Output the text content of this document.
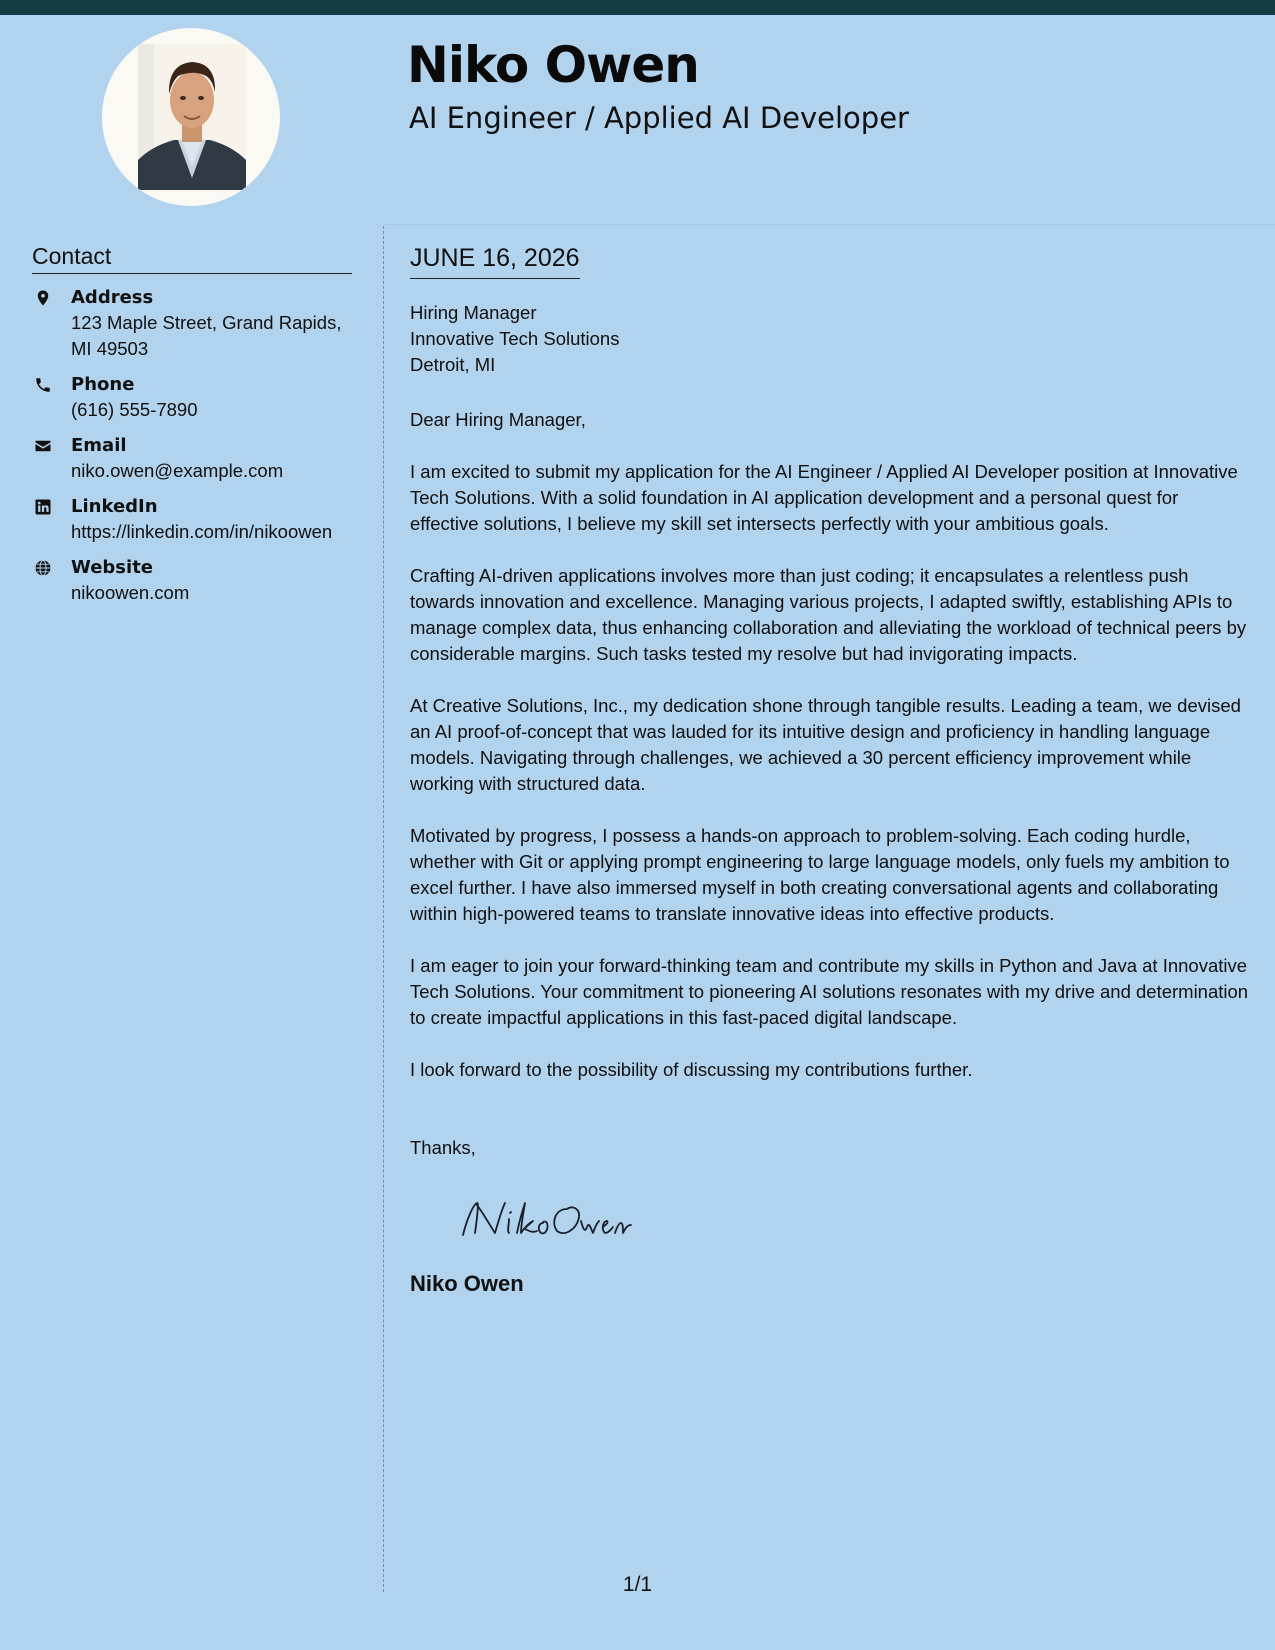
Niko Owen
AI Engineer / Applied AI Developer
Contact
Address
123 Maple Street, Grand Rapids, MI 49503
Phone
(616) 555-7890
Email
niko.owen@example.com
LinkedIn
https://linkedin.com/in/nikoowen
Website
nikoowen.com
JUNE 16, 2026
Hiring Manager
Innovative Tech Solutions
Detroit, MI
Dear Hiring Manager,

I am excited to submit my application for the AI Engineer / Applied AI Developer position at Innovative Tech Solutions. With a solid foundation in AI application development and a personal quest for effective solutions, I believe my skill set intersects perfectly with your ambitious goals.

Crafting AI-driven applications involves more than just coding; it encapsulates a relentless push towards innovation and excellence. Managing various projects, I adapted swiftly, establishing APIs to manage complex data, thus enhancing collaboration and alleviating the workload of technical peers by considerable margins. Such tasks tested my resolve but had invigorating impacts.

At Creative Solutions, Inc., my dedication shone through tangible results. Leading a team, we devised an AI proof-of-concept that was lauded for its intuitive design and proficiency in handling language models. Navigating through challenges, we achieved a 30 percent efficiency improvement while working with structured data.

Motivated by progress, I possess a hands-on approach to problem-solving. Each coding hurdle, whether with Git or applying prompt engineering to large language models, only fuels my ambition to excel further. I have also immersed myself in both creating conversational agents and collaborating within high-powered teams to translate innovative ideas into effective products.

I am eager to join your forward-thinking team and contribute my skills in Python and Java at Innovative Tech Solutions. Your commitment to pioneering AI solutions resonates with my drive and determination to create impactful applications in this fast-paced digital landscape.

I look forward to the possibility of discussing my contributions further.

Thanks,
Niko Owen
1/1
